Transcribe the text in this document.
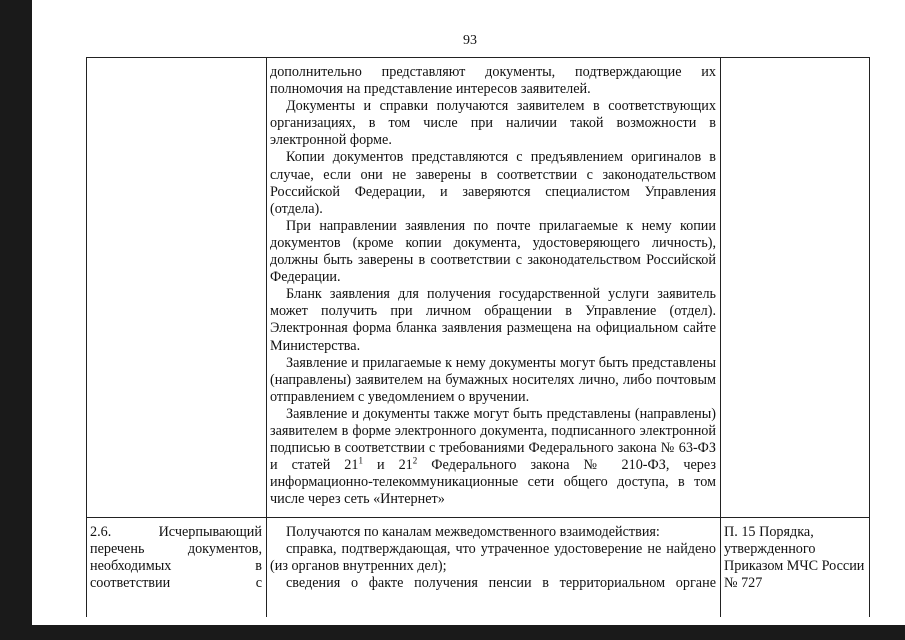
93

дополнительно представляют документы, подтверждающие их полномочия на представление интересов заявителей.

Документы и справки получаются заявителем в соответствующих организациях, в том числе при наличии такой возможности в электронной форме.

Копии документов представляются с предъявлением оригиналов в случае, если они не заверены в соответствии с законодательством Российской Федерации, и заверяются специалистом Управления (отдела).

При направлении заявления по почте прилагаемые к нему копии документов (кроме копии документа, удостоверяющего личность), должны быть заверены в соответствии с законодательством Российской Федерации.

Бланк заявления для получения государственной услуги заявитель может получить при личном обращении в Управление (отдел). Электронная форма бланка заявления размещена на официальном сайте Министерства.

Заявление и прилагаемые к нему документы могут быть представлены (направлены) заявителем на бумажных носителях лично, либо почтовым отправлением с уведомлением о вручении.

Заявление и документы также могут быть представлены (направлены) заявителем в форме электронного документа, подписанного электронной подписью в соответствии с требованиями Федерального закона № 63-ФЗ и статей $21^1$ и $21^2$ Федерального закона № 210-ФЗ, через информационно-телекоммуникационные сети общего доступа, в том числе через сеть «Интернет»

2.6. Исчерпывающий

перечень документов,

необходимых в

соответствии с

Получаются по каналам межведомственного взаимодействия:

справка, подтверждающая, что утраченное удостоверение не найдено (из органов внутренних дел);

сведения о факте получения пенсии в территориальном органе

П. 15 Порядка,

утвержденного

Приказом МЧС России

№ 727
